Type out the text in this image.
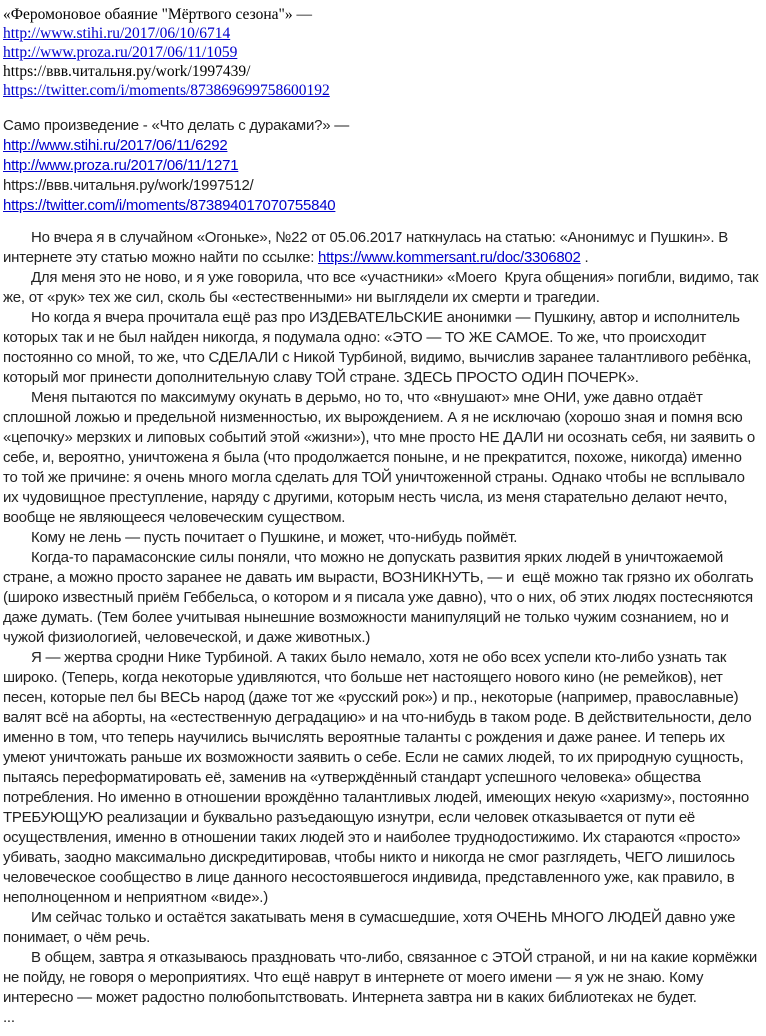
«Феромоновое обаяние "Мёртвого сезона"» —

http://www.stihi.ru/2017/06/10/6714

http://www.proza.ru/2017/06/11/1059

https://ввв.читальня.ру/work/1997439/

https://twitter.com/i/moments/873869699758600192

Само произведение - «Что делать с дураками?» —

http://www.stihi.ru/2017/06/11/6292

http://www.proza.ru/2017/06/11/1271

https://ввв.читальня.ру/work/1997512/

https://twitter.com/i/moments/873894017070755840

Но вчера я в случайном «Огоньке», №22 от 05.06.2017 наткнулась на статью: «Анонимус и Пушкин». В интернете эту статью можно найти по ссылке: https://www.kommersant.ru/doc/3306802 .

Для меня это не ново, и я уже говорила, что все «участники» «Моего  Круга общения» погибли, видимо, так же, от «рук» тех же сил, сколь бы «естественными» ни выглядели их смерти и трагедии.

Но когда я вчера прочитала ещё раз про ИЗДЕВАТЕЛЬСКИЕ анонимки — Пушкину, автор и исполнитель которых так и не был найден никогда, я подумала одно: «ЭТО — ТО ЖЕ САМОЕ. То же, что происходит постоянно со мной, то же, что СДЕЛАЛИ с Никой Турбиной, видимо, вычислив заранее талантливого ребёнка, который мог принести дополнительную славу ТОЙ стране. ЗДЕСЬ ПРОСТО ОДИН ПОЧЕРК».

Меня пытаются по максимуму окунать в дерьмо, но то, что «внушают» мне ОНИ, уже давно отдаёт сплошной ложью и предельной низменностью, их вырождением. А я не исключаю (хорошо зная и помня всю «цепочку» мерзких и липовых событий этой «жизни»), что мне просто НЕ ДАЛИ ни осознать себя, ни заявить о себе, и, вероятно, уничтожена я была (что продолжается поныне, и не прекратится, похоже, никогда) именно то той же причине: я очень много могла сделать для ТОЙ уничтоженной страны. Однако чтобы не всплывало их чудовищное преступление, наряду с другими, которым несть числа, из меня старательно делают нечто, вообще не являющееся человеческим существом.

Кому не лень — пусть почитает о Пушкине, и может, что-нибудь поймёт.

Когда-то парамасонские силы поняли, что можно не допускать развития ярких людей в уничтожаемой стране, а можно просто заранее не давать им вырасти, ВОЗНИКНУТЬ, — и  ещё можно так грязно их оболгать (широко известный приём Геббельса, о котором и я писала уже давно), что о них, об этих людях постесняются даже думать. (Тем более учитывая нынешние возможности манипуляций не только чужим сознанием, но и чужой физиологией, человеческой, и даже животных.)

Я — жертва сродни Нике Турбиной. А таких было немало, хотя не обо всех успели кто-либо узнать так широко. (Теперь, когда некоторые удивляются, что больше нет настоящего нового кино (не ремейков), нет песен, которые пел бы ВЕСЬ народ (даже тот же «русский рок») и пр., некоторые (например, православные) валят всё на аборты, на «естественную деградацию» и на что-нибудь в таком роде. В действительности, дело именно в том, что теперь научились вычислять вероятные таланты с рождения и даже ранее. И теперь их умеют уничтожать раньше их возможности заявить о себе. Если не самих людей, то их природную сущность, пытаясь переформатировать её, заменив на «утверждённый стандарт успешного человека» общества потребления. Но именно в отношении врождённо талантливых людей, имеющих некую «харизму», постоянно ТРЕБУЮЩУЮ реализации и буквально разъедающую изнутри, если человек отказывается от пути её осуществления, именно в отношении таких людей это и наиболее труднодостижимо. Их стараются «просто»  убивать, заодно максимально дискредитировав, чтобы никто и никогда не смог разглядеть, ЧЕГО лишилось человеческое сообщество в лице данного несостоявшегося индивида, представленного уже, как правило, в неполноценном и неприятном «виде».)

Им сейчас только и остаётся закатывать меня в сумасшедшие, хотя ОЧЕНЬ МНОГО ЛЮДЕЙ давно уже понимает, о чём речь.

В общем, завтра я отказываюсь праздновать что-либо, связанное с ЭТОЙ страной, и ни на какие кормёжки не пойду, не говоря о мероприятиях. Что ещё наврут в интернете от моего имени — я уж не знаю. Кому интересно — может радостно полюбопытствовать. Интернета завтра ни в каких библиотеках не будет.

...
